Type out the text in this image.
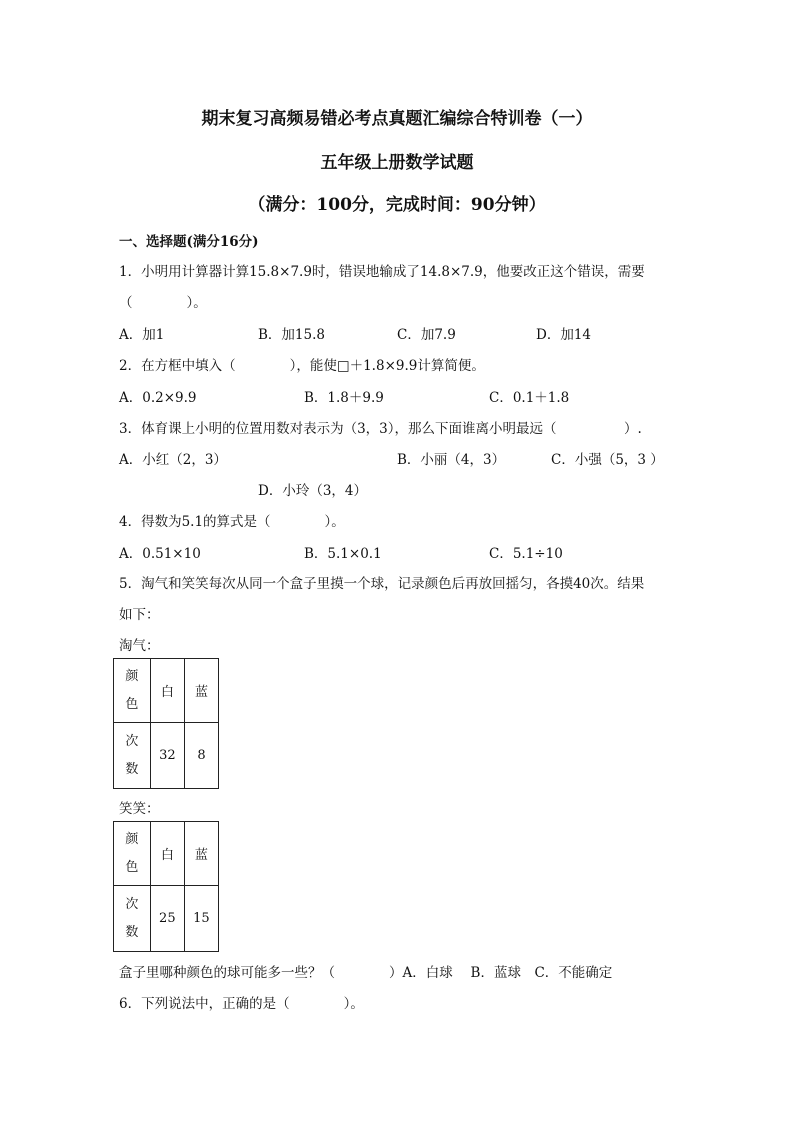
期末复习高频易错必考点真题汇编综合特训卷（一）
五年级上册数学试题
（满分：100分，完成时间：90分钟）
一、选择题(满分16分)
1．小明用计算器计算15.8×7.9时，错误地输成了14.8×7.9，他要改正这个错误，需要
（　　　　）。
A．加1	B．加15.8	C．加7.9	D．加14
2．在方框中填入（　　　　），能使□＋1.8×9.9计算简便。
A．0.2×9.9	B．1.8＋9.9	C．0.1＋1.8
3．体育课上小明的位置用数对表示为（3，3），那么下面谁离小明最远（　　　　　）.
A．小红（2，3）	B．小丽（4，3）	C．小强（5，3 ）
D．小玲（3，4）
4．得数为5.1的算式是（　　　　）。
A．0.51×10	B．5.1×0.1	C．5.1÷10
5．淘气和笑笑每次从同一个盒子里摸一个球，记录颜色后再放回摇匀，各摸40次。结果
如下：
淘气：
颜
色	白	蓝

次
数	32	8
笑笑：
颜
色	白	蓝

次
数	25	15
盒子里哪种颜色的球可能多一些？（　　　　）A．白球　 B．蓝球　C．不能确定
6．下列说法中，正确的是（　　　　）。
